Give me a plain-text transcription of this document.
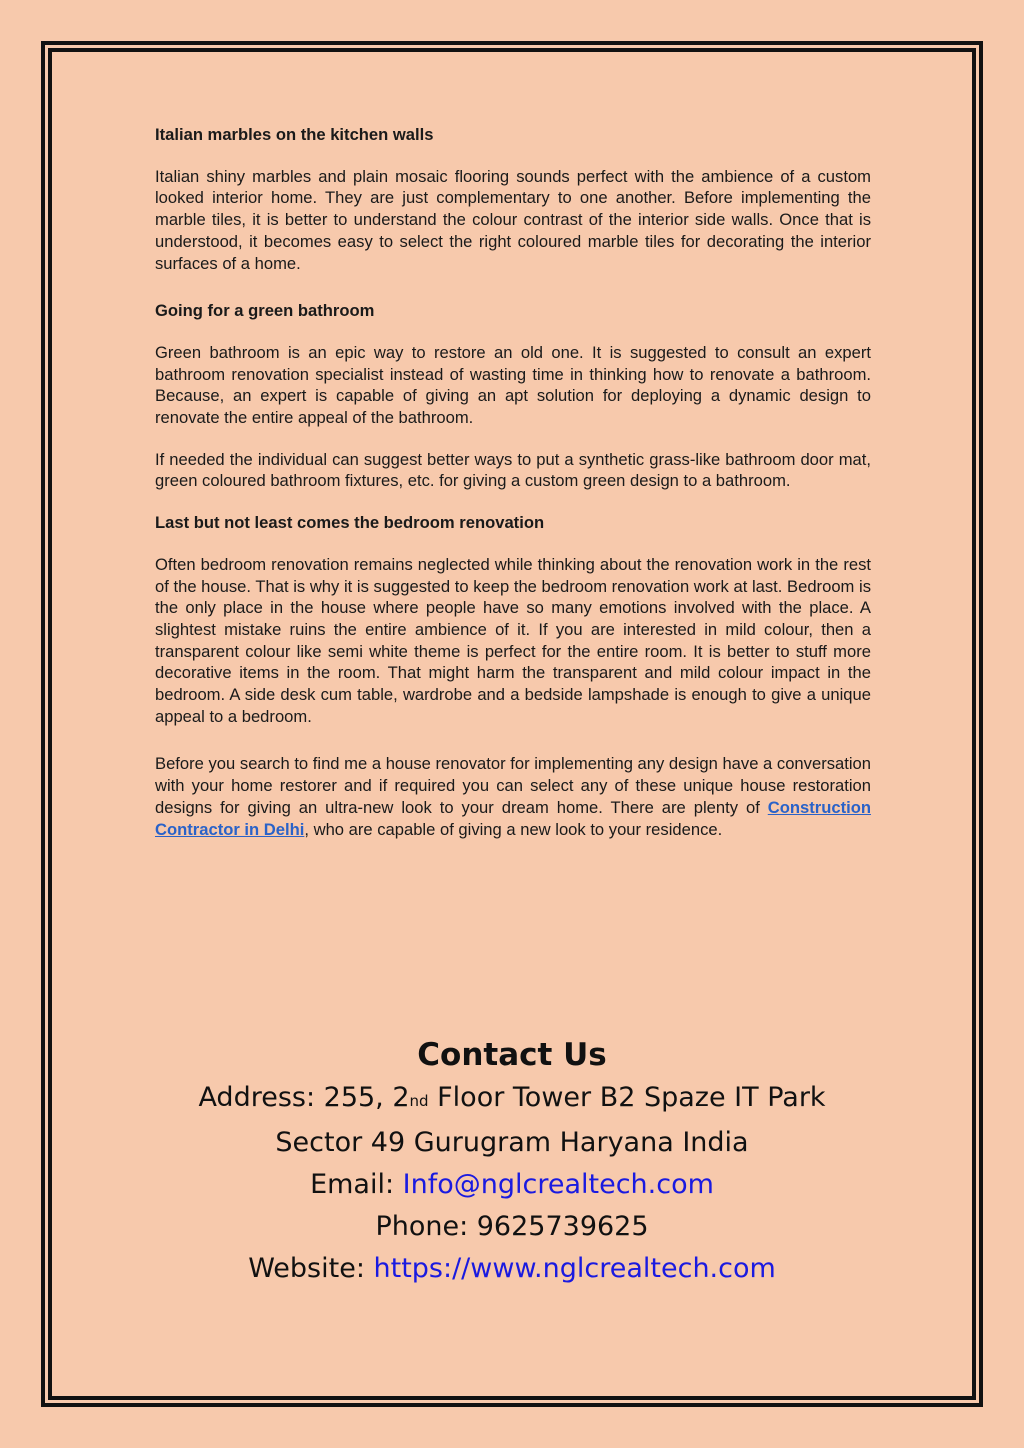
Italian marbles on the kitchen walls
Italian shiny marbles and plain mosaic flooring sounds perfect with the ambience of a custom looked interior home. They are just complementary to one another. Before implementing the marble tiles, it is better to understand the colour contrast of the interior side walls. Once that is understood, it becomes easy to select the right coloured marble tiles for decorating the interior surfaces of a home.
Going for a green bathroom
Green bathroom is an epic way to restore an old one. It is suggested to consult an expert bathroom renovation specialist instead of wasting time in thinking how to renovate a bathroom. Because, an expert is capable of giving an apt solution for deploying a dynamic design to renovate the entire appeal of the bathroom.
If needed the individual can suggest better ways to put a synthetic grass-like bathroom door mat, green coloured bathroom fixtures, etc. for giving a custom green design to a bathroom.
Last but not least comes the bedroom renovation
Often bedroom renovation remains neglected while thinking about the renovation work in the rest of the house. That is why it is suggested to keep the bedroom renovation work at last. Bedroom is the only place in the house where people have so many emotions involved with the place. A slightest mistake ruins the entire ambience of it. If you are interested in mild colour, then a transparent colour like semi white theme is perfect for the entire room. It is better to stuff more decorative items in the room. That might harm the transparent and mild colour impact in the bedroom. A side desk cum table, wardrobe and a bedside lampshade is enough to give a unique appeal to a bedroom.
Before you search to find me a house renovator for implementing any design have a conversation with your home restorer and if required you can select any of these unique house restoration designs for giving an ultra-new look to your dream home. There are plenty of Construction Contractor in Delhi, who are capable of giving a new look to your residence.
Contact Us
Address: 255, 2nd Floor Tower B2 Spaze IT Park
Sector 49 Gurugram Haryana India
Email: Info@nglcrealtech.com
Phone: 9625739625
Website: https://www.nglcrealtech.com
